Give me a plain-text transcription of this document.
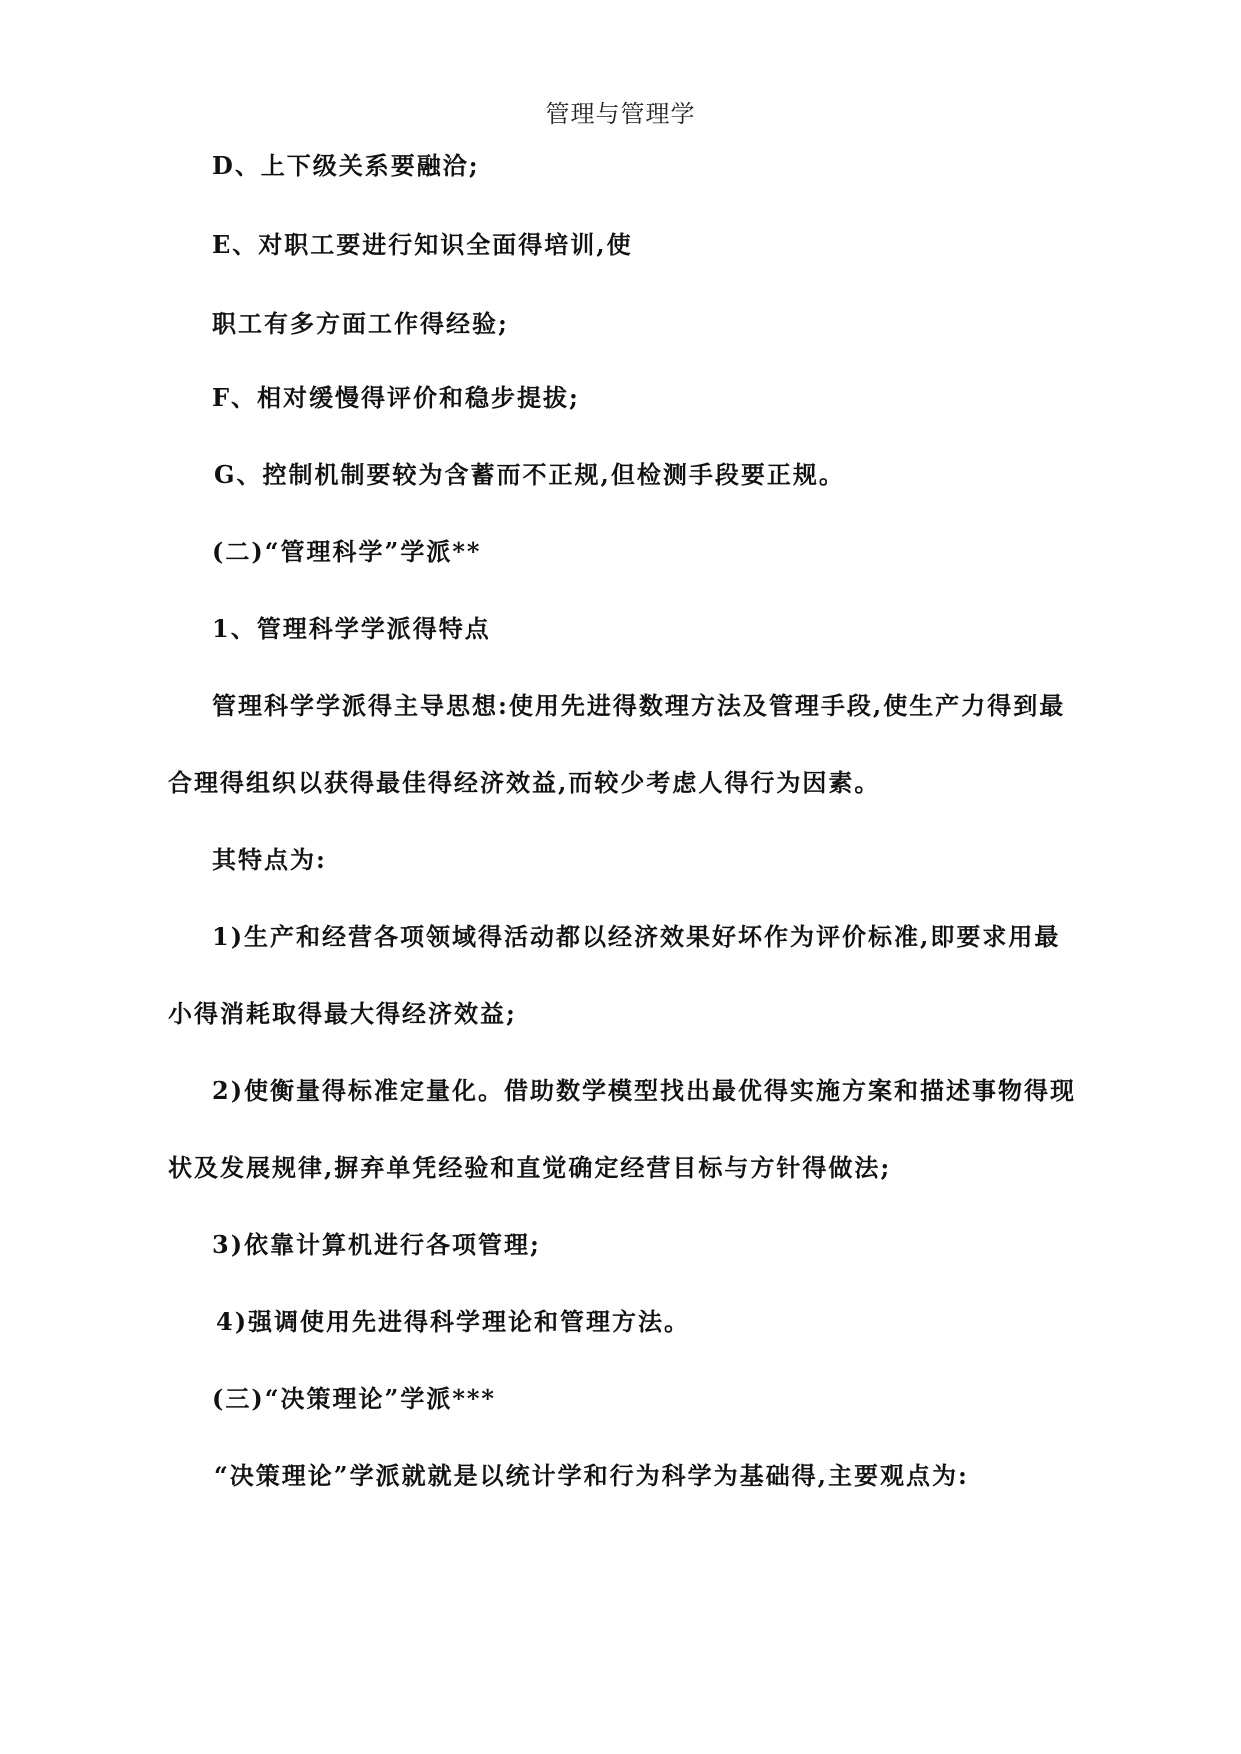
管理与管理学
D、上下级关系要融洽;
E、对职工要进行知识全面得培训,使
职工有多方面工作得经验;
F、相对缓慢得评价和稳步提拔;
G、控制机制要较为含蓄而不正规,但检测手段要正规。
(二)“管理科学”学派**
1、管理科学学派得特点
管理科学学派得主导思想:使用先进得数理方法及管理手段,使生产力得到最
合理得组织以获得最佳得经济效益,而较少考虑人得行为因素。
其特点为:
1)生产和经营各项领域得活动都以经济效果好坏作为评价标准,即要求用最
小得消耗取得最大得经济效益;
2)使衡量得标准定量化。借助数学模型找出最优得实施方案和描述事物得现
状及发展规律,摒弃单凭经验和直觉确定经营目标与方针得做法;
3)依靠计算机进行各项管理;
4)强调使用先进得科学理论和管理方法。
(三)“决策理论”学派***
“决策理论”学派就就是以统计学和行为科学为基础得,主要观点为:
